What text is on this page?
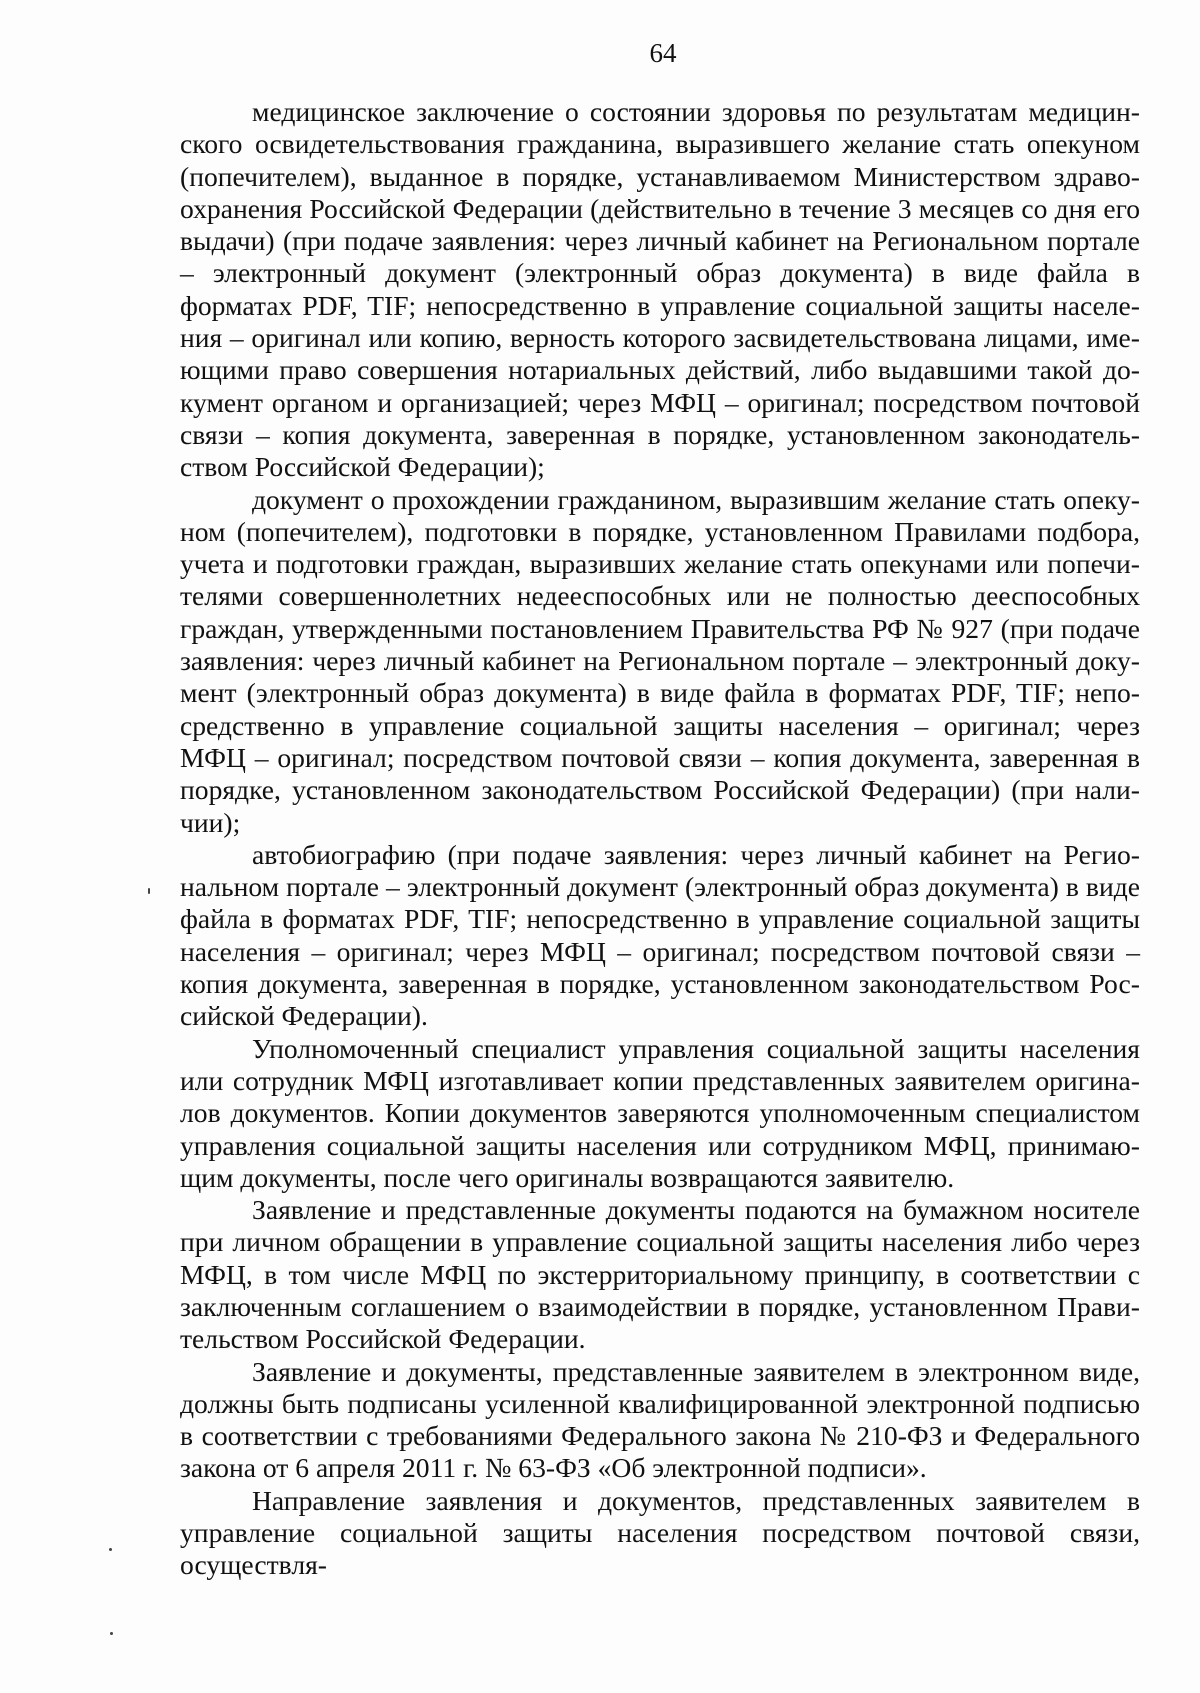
64

медицинское заключение о состоянии здоровья по результатам медицинского освидетельствования гражданина, выразившего желание стать опекуном (попечителем), выданное в порядке, устанавливаемом Министерством здравоохранения Российской Федерации (действительно в течение 3 месяцев со дня его выдачи) (при подаче заявления: через личный кабинет на Региональном портале – электронный документ (электронный образ документа) в виде файла в форматах PDF, TIF; непосредственно в управление социальной защиты населения – оригинал или копию, верность которого засвидетельствована лицами, имеющими право совершения нотариальных действий, либо выдавшими такой документ органом и организацией; через МФЦ – оригинал; посредством почтовой связи – копия документа, заверенная в порядке, установленном законодательством Российской Федерации);

документ о прохождении гражданином, выразившим желание стать опекуном (попечителем), подготовки в порядке, установленном Правилами подбора, учета и подготовки граждан, выразивших желание стать опекунами или попечителями совершеннолетних недееспособных или не полностью дееспособных граждан, утвержденными постановлением Правительства РФ № 927 (при подаче заявления: через личный кабинет на Региональном портале – электронный документ (электронный образ документа) в виде файла в форматах PDF, TIF; непосредственно в управление социальной защиты населения – оригинал; через МФЦ – оригинал; посредством почтовой связи – копия документа, заверенная в порядке, установленном законодательством Российской Федерации) (при наличии);

автобиографию (при подаче заявления: через личный кабинет на Региональном портале – электронный документ (электронный образ документа) в виде файла в форматах PDF, TIF; непосредственно в управление социальной защиты населения – оригинал; через МФЦ – оригинал; посредством почтовой связи – копия документа, заверенная в порядке, установленном законодательством Российской Федерации).

Уполномоченный специалист управления социальной защиты населения или сотрудник МФЦ изготавливает копии представленных заявителем оригиналов документов. Копии документов заверяются уполномоченным специалистом управления социальной защиты населения или сотрудником МФЦ, принимающим документы, после чего оригиналы возвращаются заявителю.

Заявление и представленные документы подаются на бумажном носителе при личном обращении в управление социальной защиты населения либо через МФЦ, в том числе МФЦ по экстерриториальному принципу, в соответствии с заключенным соглашением о взаимодействии в порядке, установленном Правительством Российской Федерации.

Заявление и документы, представленные заявителем в электронном виде, должны быть подписаны усиленной квалифицированной электронной подписью в соответствии с требованиями Федерального закона № 210-ФЗ и Федерального закона от 6 апреля 2011 г. № 63-ФЗ «Об электронной подписи».

Направление заявления и документов, представленных заявителем в управление социальной защиты населения посредством почтовой связи, осуществля-
